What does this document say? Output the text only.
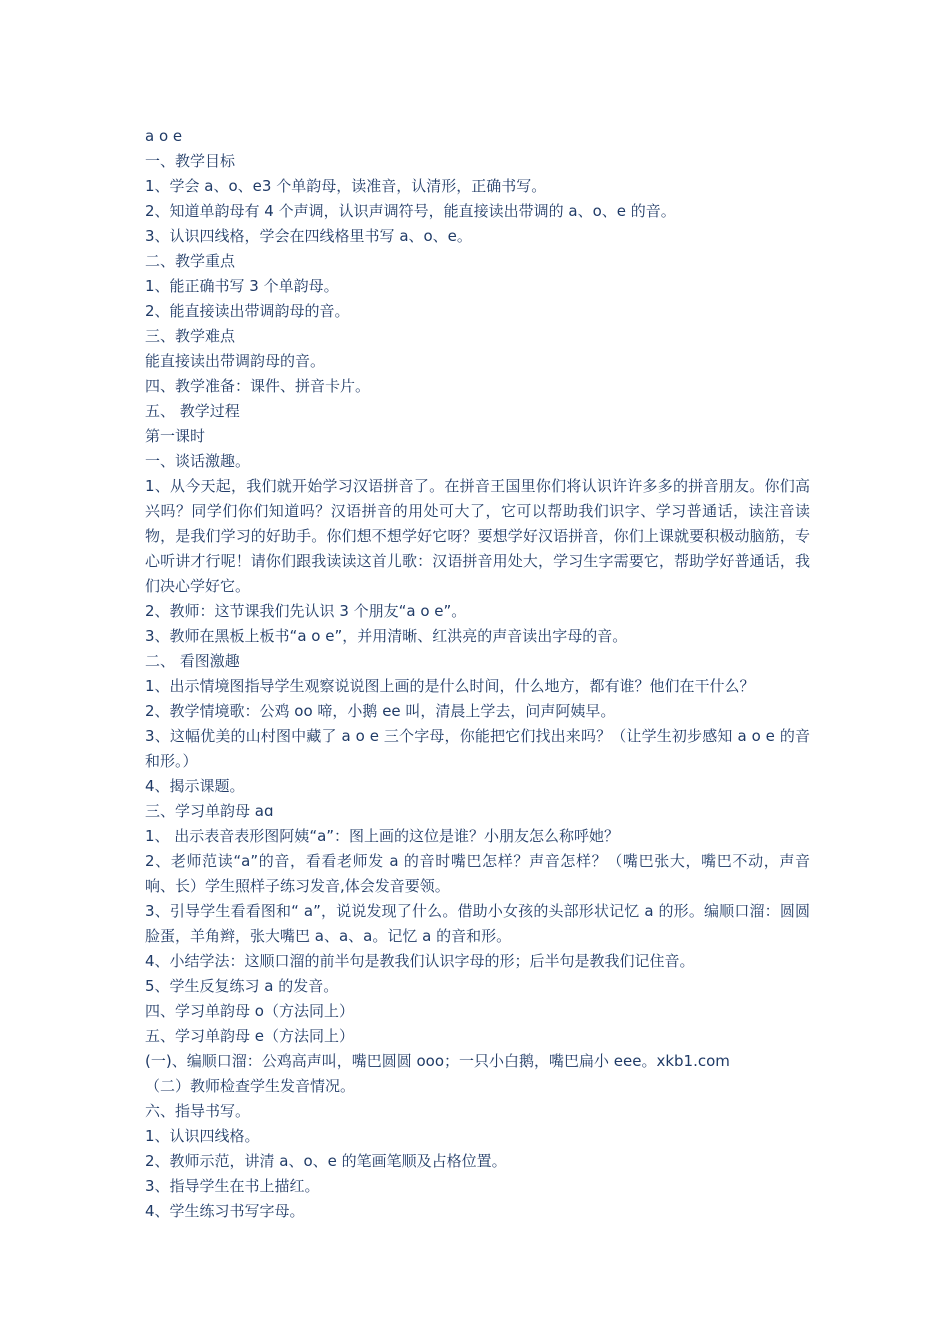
a o e

一、教学目标

1、学会 a、o、e3 个单韵母，读准音，认清形，正确书写。

2、知道单韵母有 4 个声调，认识声调符号，能直接读出带调的 a、o、e 的音。

3、认识四线格，学会在四线格里书写 a、o、e。

二、教学重点

1、能正确书写 3 个单韵母。

2、能直接读出带调韵母的音。

三、教学难点

能直接读出带调韵母的音。

四、教学准备：课件、拼音卡片。

五、 教学过程

第一课时

一、谈话激趣。

1、从今天起，我们就开始学习汉语拼音了。在拼音王国里你们将认识许许多多的拼音朋友。你们高兴吗？同学们你们知道吗？汉语拼音的用处可大了，它可以帮助我们识字、学习普通话，读注音读物，是我们学习的好助手。你们想不想学好它呀？要想学好汉语拼音，你们上课就要积极动脑筋，专心听讲才行呢！请你们跟我读读这首儿歌：汉语拼音用处大，学习生字需要它，帮助学好普通话，我们决心学好它。

2、教师：这节课我们先认识 3 个朋友“a o e”。

3、教师在黑板上板书“a o e”，并用清晰、红洪亮的声音读出字母的音。

二、 看图激趣

1、出示情境图指导学生观察说说图上画的是什么时间，什么地方，都有谁？他们在干什么？

2、教学情境歌：公鸡 oo 啼，小鹅 ee 叫，清晨上学去，问声阿姨早。

3、这幅优美的山村图中藏了 a o e 三个字母，你能把它们找出来吗？（让学生初步感知 a o e 的音和形。）

4、揭示课题。

三、学习单韵母 aɑ

1、 出示表音表形图阿姨“a”：图上画的这位是谁？小朋友怎么称呼她？

2、老师范读“a”的音，看看老师发 a 的音时嘴巴怎样？声音怎样？（嘴巴张大，嘴巴不动，声音响、长）学生照样子练习发音,体会发音要领。

3、引导学生看看图和“ a”，说说发现了什么。借助小女孩的头部形状记忆 a 的形。编顺口溜：圆圆脸蛋，羊角辫，张大嘴巴 a、a、a。记忆 a 的音和形。

4、小结学法：这顺口溜的前半句是教我们认识字母的形；后半句是教我们记住音。

5、学生反复练习 a 的发音。

四、学习单韵母 o（方法同上）

五、学习单韵母 e（方法同上）

(一)、编顺口溜：公鸡高声叫，嘴巴圆圆 ooo；一只小白鹅，嘴巴扁小 eee。xkb1.com

（二）教师检查学生发音情况。

六、指导书写。

1、认识四线格。

2、教师示范，讲清 a、o、e 的笔画笔顺及占格位置。

3、指导学生在书上描红。

4、学生练习书写字母。
